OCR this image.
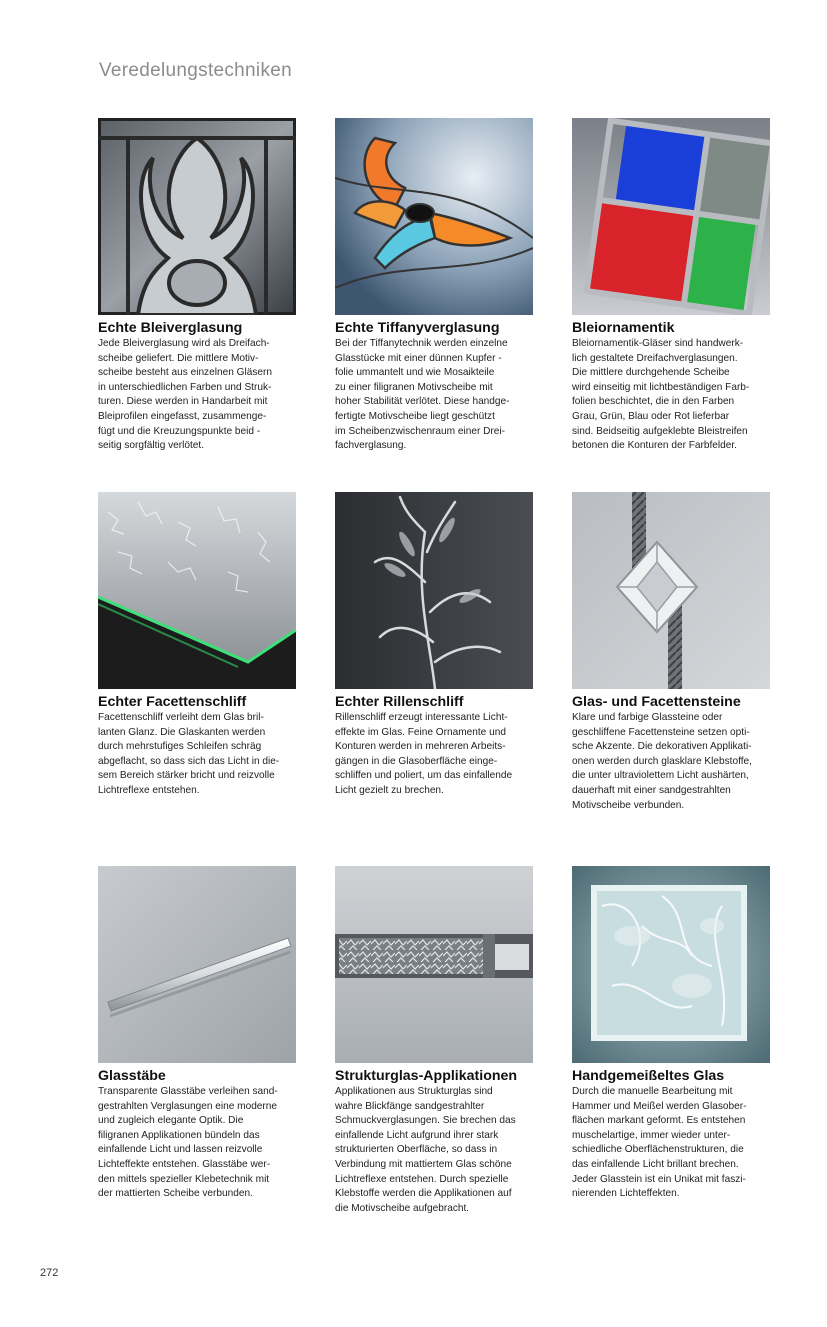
Veredelungstechniken
Echte Bleiverglasung
Jede Bleiverglasung wird als Dreifach-
scheibe geliefert. Die mittlere Motiv-
scheibe besteht aus einzelnen Gläsern
in unterschiedlichen Farben und Struk-
turen. Diese werden in Handarbeit mit
Bleiprofilen eingefasst, zusammenge-
fügt und die Kreuzungspunkte beid -
seitig sorgfältig verlötet.
Echte Tiffanyverglasung
Bei der Tiffanytechnik werden einzelne
Glasstücke mit einer dünnen Kupfer -
folie ummantelt und wie Mosaikteile
zu einer filigranen Motivscheibe mit
hoher Stabilität verlötet. Diese handge-
fertigte Motivscheibe liegt geschützt
im Scheibenzwischenraum einer Drei-
fachverglasung.
Bleiornamentik
Bleiornamentik-Gläser sind handwerk-
lich gestaltete Dreifachverglasungen.
Die mittlere durchgehende Scheibe
wird einseitig mit lichtbeständigen Farb-
folien beschichtet, die in den Farben
Grau, Grün, Blau oder Rot lieferbar
sind. Beidseitig aufgeklebte Bleistreifen
betonen die Konturen der Farbfelder.
Echter Facettenschliff
Facettenschliff verleiht dem Glas bril-
lanten Glanz. Die Glaskanten werden
durch mehrstufiges Schleifen schräg
abgeflacht, so dass sich das Licht in die-
sem Bereich stärker bricht und reizvolle
Lichtreflexe entstehen.
Echter Rillenschliff
Rillenschliff erzeugt interessante Licht-
effekte im Glas. Feine Ornamente und
Konturen werden in mehreren Arbeits-
gängen in die Glasoberfläche einge-
schliffen und poliert, um das einfallende
Licht gezielt zu brechen.
Glas- und Facettensteine
Klare und farbige Glassteine oder
geschliffene Facettensteine setzen opti-
sche Akzente. Die dekorativen Applikati-
onen werden durch glasklare Klebstoffe,
die unter ultraviolettem Licht aushärten,
dauerhaft mit einer sandgestrahlten
Motivscheibe verbunden.
Glasstäbe
Transparente Glasstäbe verleihen sand-
gestrahlten Verglasungen eine moderne
und zugleich elegante Optik. Die
filigranen Applikationen bündeln das
einfallende Licht und lassen reizvolle
Lichteffekte entstehen. Glasstäbe wer-
den mittels spezieller Klebetechnik mit
der mattierten Scheibe verbunden.
Strukturglas-Applikationen
Applikationen aus Strukturglas sind
wahre Blickfänge sandgestrahlter
Schmuckverglasungen. Sie brechen das
einfallende Licht aufgrund ihrer stark
strukturierten Oberfläche, so dass in
Verbindung mit mattiertem Glas schöne
Lichtreflexe entstehen. Durch spezielle
Klebstoffe werden die Applikationen auf
die Motivscheibe aufgebracht.
Handgemeißeltes Glas
Durch die manuelle Bearbeitung mit
Hammer und Meißel werden Glasober-
flächen markant geformt. Es entstehen
muschelartige, immer wieder unter-
schiedliche Oberflächenstrukturen, die
das einfallende Licht brillant brechen.
Jeder Glasstein ist ein Unikat mit faszi-
nierenden Lichteffekten.
272
